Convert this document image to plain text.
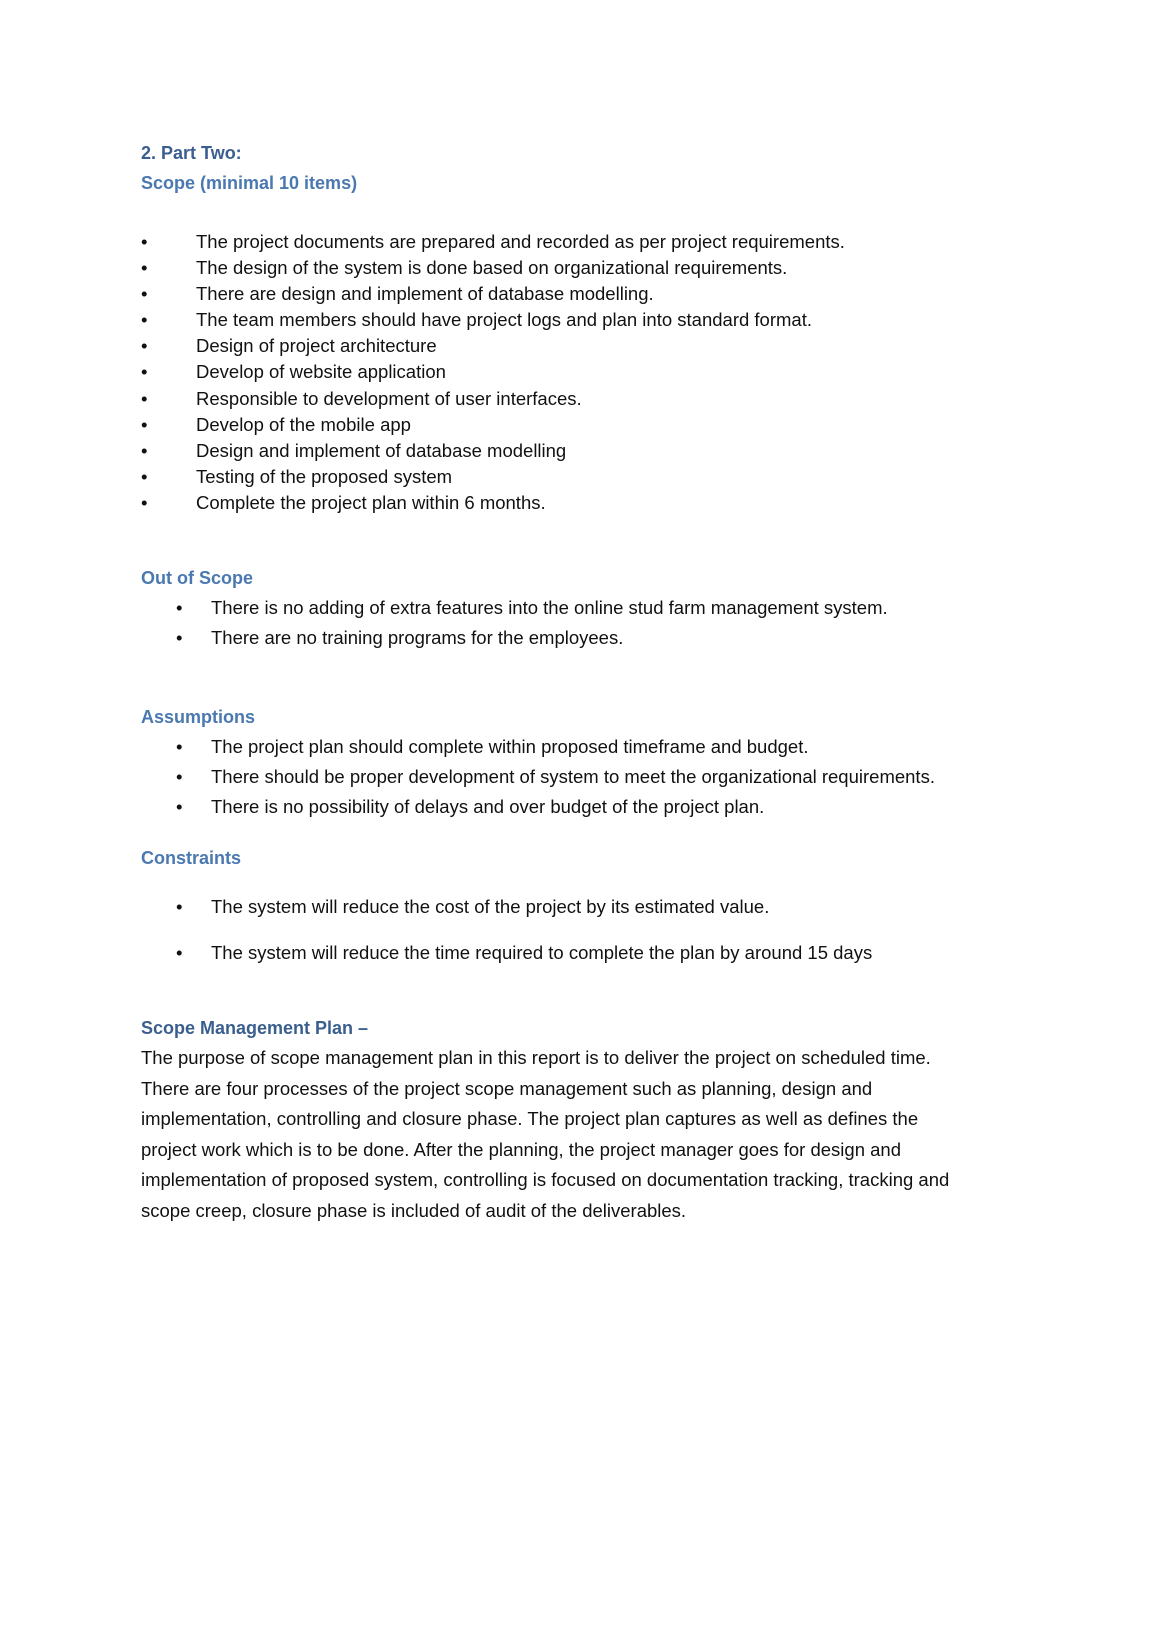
2. Part Two:
Scope (minimal 10 items)
•	The project documents are prepared and recorded as per project requirements.
•	The design of the system is done based on organizational requirements.
•	There are design and implement of database modelling.
•	The team members should have project logs and plan into standard format.
•	Design of project architecture
•	Develop of website application
•	Responsible to development of user interfaces.
•	Develop of the mobile app
•	Design and implement of database modelling
•	Testing of the proposed system
•	Complete the project plan within 6 months.
Out of Scope
•	There is no adding of extra features into the online stud farm management system.
•	There are no training programs for the employees.
Assumptions
•	The project plan should complete within proposed timeframe and budget.
•	There should be proper development of system to meet the organizational requirements.
•	There is no possibility of delays and over budget of the project plan.
Constraints
•	The system will reduce the cost of the project by its estimated value.
•	The system will reduce the time required to complete the plan by around 15 days
Scope Management Plan –
The purpose of scope management plan in this report is to deliver the project on scheduled time.
There are four processes of the project scope management such as planning, design and
implementation, controlling and closure phase. The project plan captures as well as defines the
project work which is to be done. After the planning, the project manager goes for design and
implementation of proposed system, controlling is focused on documentation tracking, tracking and
scope creep, closure phase is included of audit of the deliverables.
